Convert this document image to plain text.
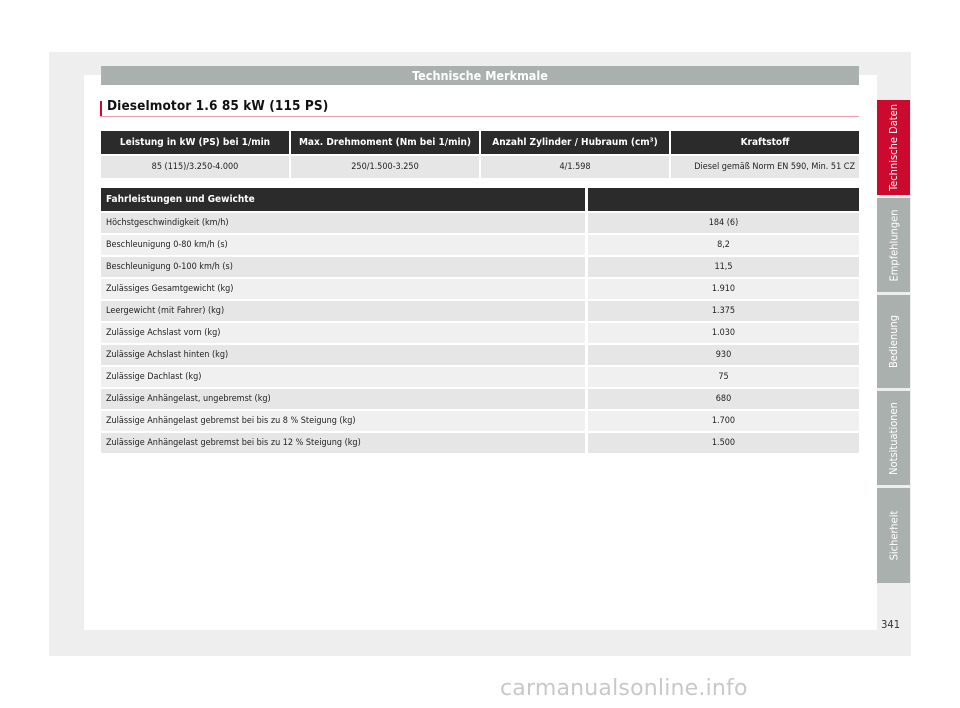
Technische Merkmale
Dieselmotor 1.6 85 kW (115 PS)
Leistung in kW (PS) bei 1/min	Max. Drehmoment (Nm bei 1/min)	Anzahl Zylinder / Hubraum (cm³)	Kraftstoff
85 (115)/3.250-4.000	250/1.500-3.250	4/1.598	Diesel gemäß Norm EN 590, Min. 51 CZ
Fahrleistungen und Gewichte	
Höchstgeschwindigkeit (km/h)	184 (6)
Beschleunigung 0-80 km/h (s)	8,2
Beschleunigung 0-100 km/h (s)	11,5
Zulässiges Gesamtgewicht (kg)	1.910
Leergewicht (mit Fahrer) (kg)	1.375
Zulässige Achslast vorn (kg)	1.030
Zulässige Achslast hinten (kg)	930
Zulässige Dachlast (kg)	75
Zulässige Anhängelast, ungebremst (kg)	680
Zulässige Anhängelast gebremst bei bis zu 8 % Steigung (kg)	1.700
Zulässige Anhängelast gebremst bei bis zu 12 % Steigung (kg)	1.500
Technische Daten
Empfehlungen
Bedienung
Notsituationen
Sicherheit
341
carmanualsonline.info
